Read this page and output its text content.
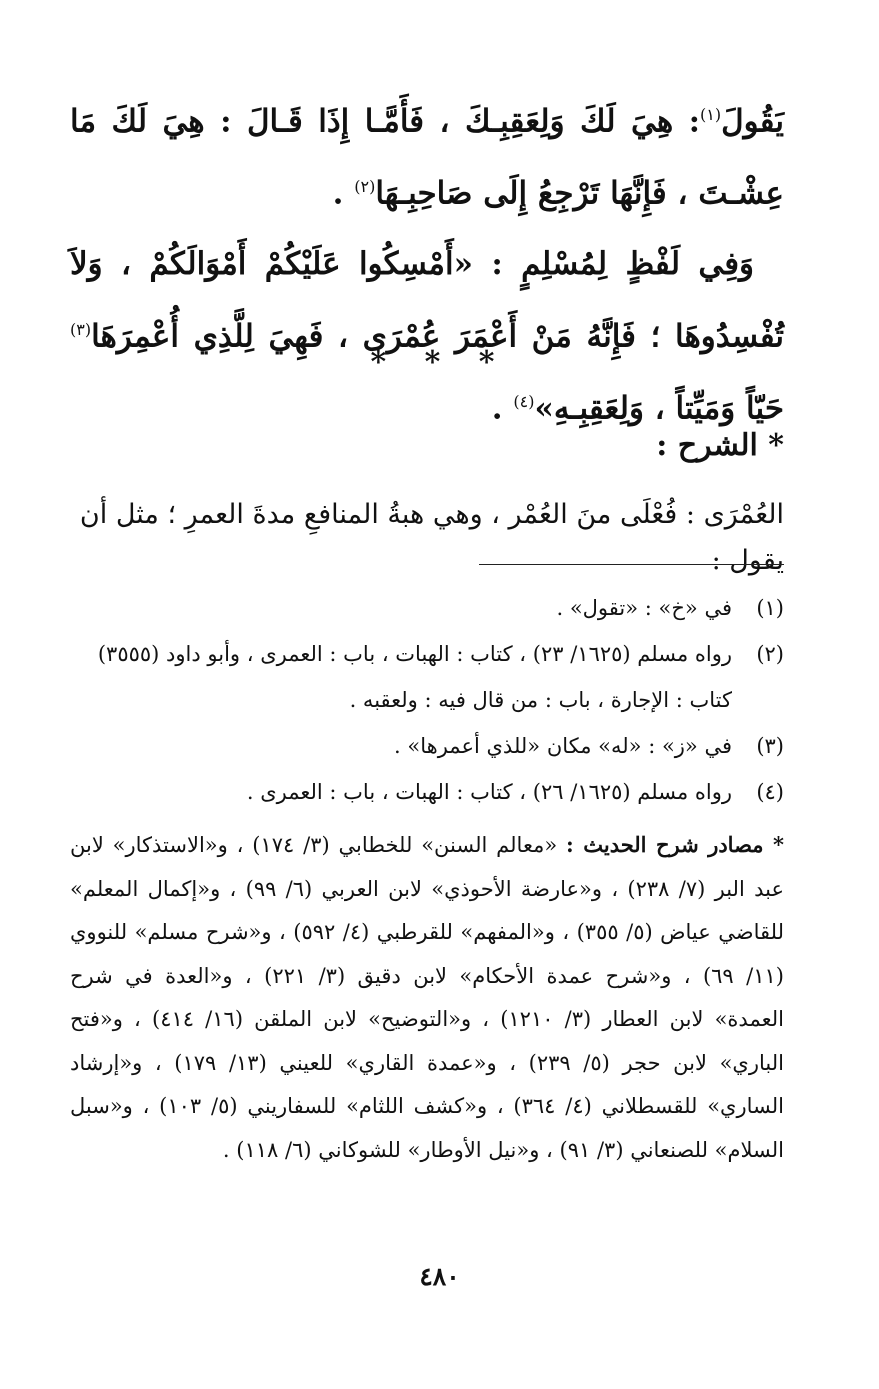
يَقُولَ$^{(١)}$: هِيَ لَكَ وَلِعَقِبِـكَ ، فَأَمَّـا إِذَا قَـالَ : هِيَ لَكَ مَا عِشْـتَ ، فَإِنَّهَا تَرْجِعُ إِلَى صَاحِبِـهَا$^{(٢)}$ .

وَفِي لَفْظٍ لِمُسْلِمٍ : «أَمْسِكُوا عَلَيْكُمْ أَمْوَالَكُمْ ، وَلاَ تُفْسِدُوهَا ؛ فَإِنَّهُ مَنْ أَعْمَرَ عُمْرَى ، فَهِيَ لِلَّذِي أُعْمِرَهَا$^{(٣)}$ حَيّاً وَمَيِّتاً ، وَلِعَقِبِـهِ»$^{(٤)}$ .

* * *
* الشرح :
العُمْرَى : فُعْلَى منَ العُمْر ، وهي هبةُ المنافعِ مدةَ العمرِ ؛ مثل أن يقول :

(١)
في «خ» : «تقول» .

(٢)
رواه مسلم (١٦٢٥/ ٢٣) ، كتاب : الهبات ، باب : العمرى ، وأبو داود (٣٥٥٥) كتاب : الإجارة ، باب : من قال فيه : ولعقبه .

(٣)
في «ز» : «له» مكان «للذي أعمرها» .

(٤)
رواه مسلم (١٦٢٥/ ٢٦) ، كتاب : الهبات ، باب : العمرى .

* مصادر شرح الحديث : «معالم السنن» للخطابي (٣/ ١٧٤) ، و«الاستذكار» لابن عبد البر (٧/ ٢٣٨) ، و«عارضة الأحوذي» لابن العربي (٦/ ٩٩) ، و«إكمال المعلم» للقاضي عياض (٥/ ٣٥٥) ، و«المفهم» للقرطبي (٤/ ٥٩٢) ، و«شرح مسلم» للنووي (١١/ ٦٩) ، و«شرح عمدة الأحكام» لابن دقيق (٣/ ٢٢١) ، و«العدة في شرح العمدة» لابن العطار (٣/ ١٢١٠) ، و«التوضيح» لابن الملقن (١٦/ ٤١٤) ، و«فتح الباري» لابن حجر (٥/ ٢٣٩) ، و«عمدة القاري» للعيني (١٣/ ١٧٩) ، و«إرشاد الساري» للقسطلاني (٤/ ٣٦٤) ، و«كشف اللثام» للسفاريني (٥/ ١٠٣) ، و«سبل السلام» للصنعاني (٣/ ٩١) ، و«نيل الأوطار» للشوكاني (٦/ ١١٨) .
٤٨٠
